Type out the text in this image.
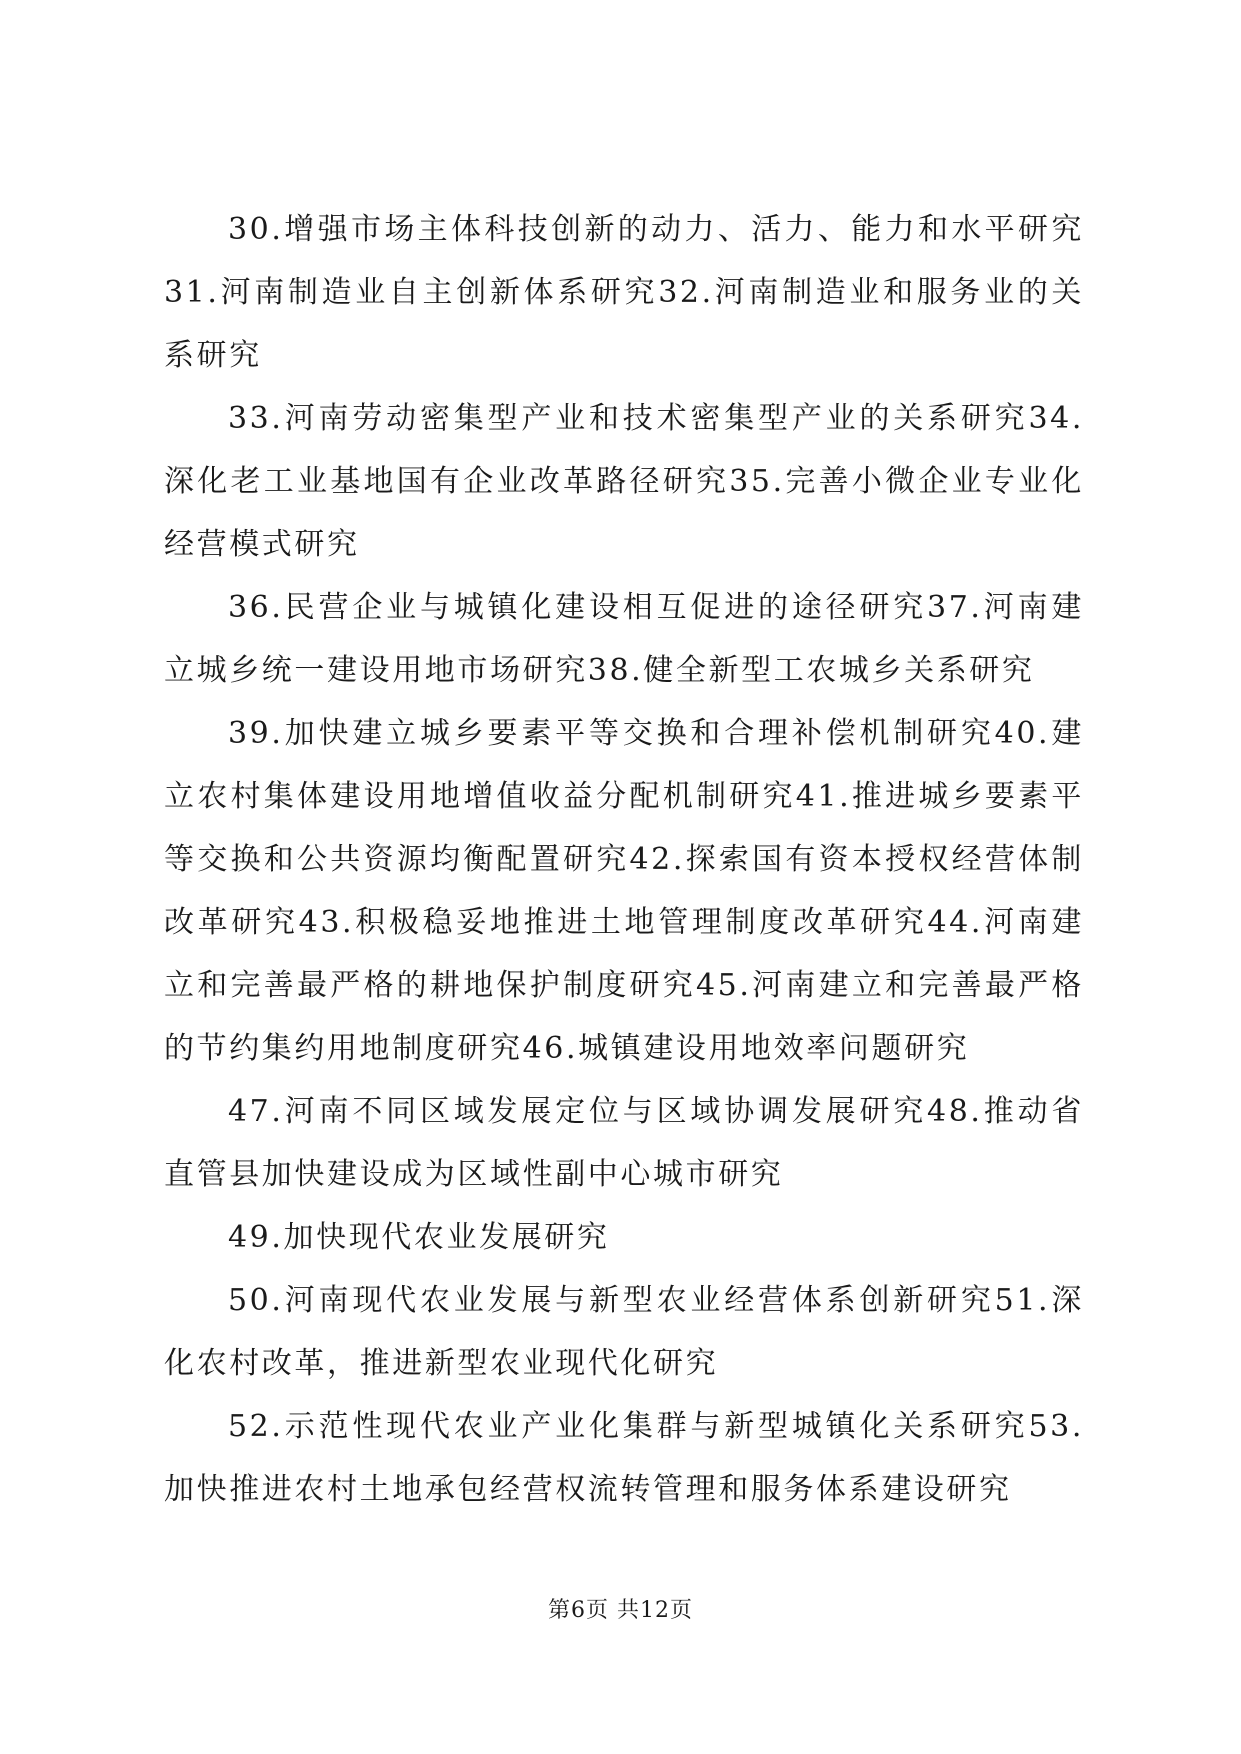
30.增强市场主体科技创新的动力、活力、能力和水平研究31.河南制造业自主创新体系研究32.河南制造业和服务业的关系研究

33.河南劳动密集型产业和技术密集型产业的关系研究34.深化老工业基地国有企业改革路径研究35.完善小微企业专业化经营模式研究

36.民营企业与城镇化建设相互促进的途径研究37.河南建立城乡统一建设用地市场研究38.健全新型工农城乡关系研究

39.加快建立城乡要素平等交换和合理补偿机制研究40.建立农村集体建设用地增值收益分配机制研究41.推进城乡要素平等交换和公共资源均衡配置研究42.探索国有资本授权经营体制改革研究43.积极稳妥地推进土地管理制度改革研究44.河南建立和完善最严格的耕地保护制度研究45.河南建立和完善最严格的节约集约用地制度研究46.城镇建设用地效率问题研究

47.河南不同区域发展定位与区域协调发展研究48.推动省直管县加快建设成为区域性副中心城市研究

49.加快现代农业发展研究

50.河南现代农业发展与新型农业经营体系创新研究51.深化农村改革，推进新型农业现代化研究

52.示范性现代农业产业化集群与新型城镇化关系研究53.加快推进农村土地承包经营权流转管理和服务体系建设研究

第6页 共12页
